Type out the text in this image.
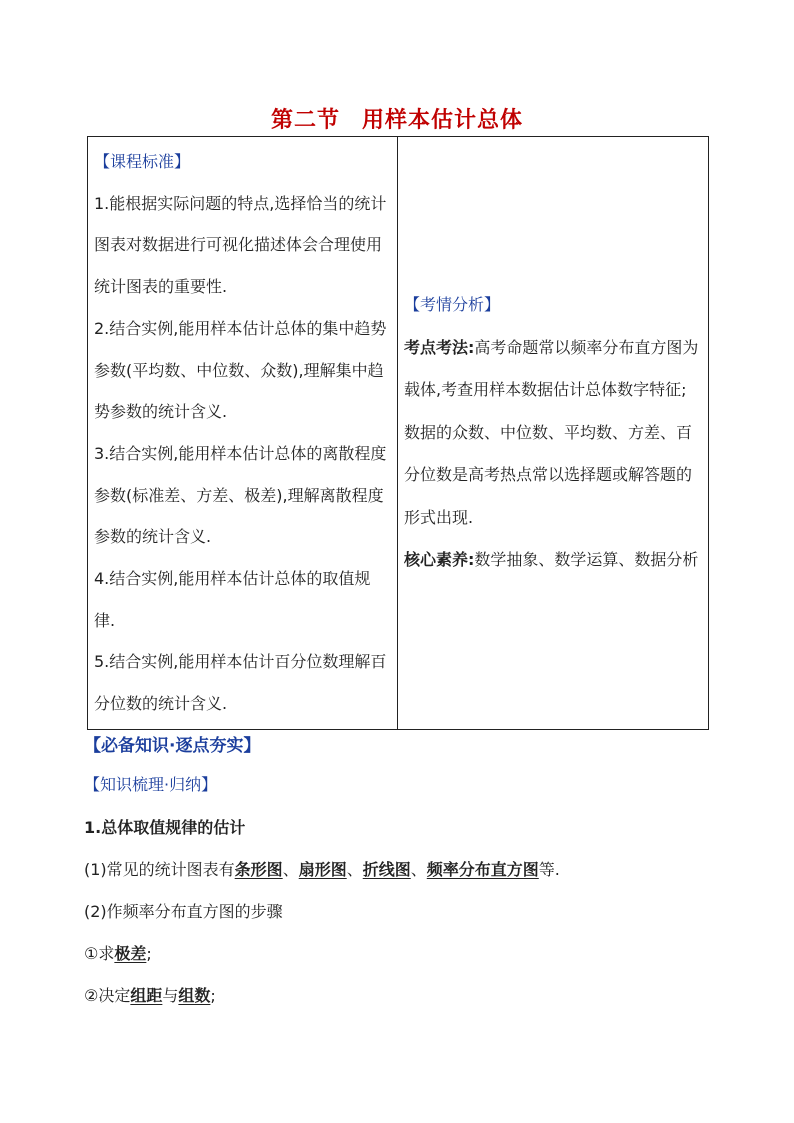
第二节 用样本估计总体
【课程标准】
1.能根据实际问题的特点,选择恰当的统计图表对数据进行可视化描述体会合理使用统计图表的重要性.
2.结合实例,能用样本估计总体的集中趋势参数(平均数、中位数、众数),理解集中趋势参数的统计含义.
3.结合实例,能用样本估计总体的离散程度参数(标准差、方差、极差),理解离散程度参数的统计含义.
4.结合实例,能用样本估计总体的取值规律.
5.结合实例,能用样本估计百分位数理解百分位数的统计含义.

【考情分析】
考点考法:高考命题常以频率分布直方图为载体,考查用样本数据估计总体数字特征;数据的众数、中位数、平均数、方差、百分位数是高考热点常以选择题或解答题的形式出现.
核心素养:数学抽象、数学运算、数据分析
【必备知识·逐点夯实】
【知识梳理·归纳】
1.总体取值规律的估计
(1)常见的统计图表有条形图、扇形图、折线图、频率分布直方图等.
(2)作频率分布直方图的步骤
①求极差;
②决定组距与组数;
